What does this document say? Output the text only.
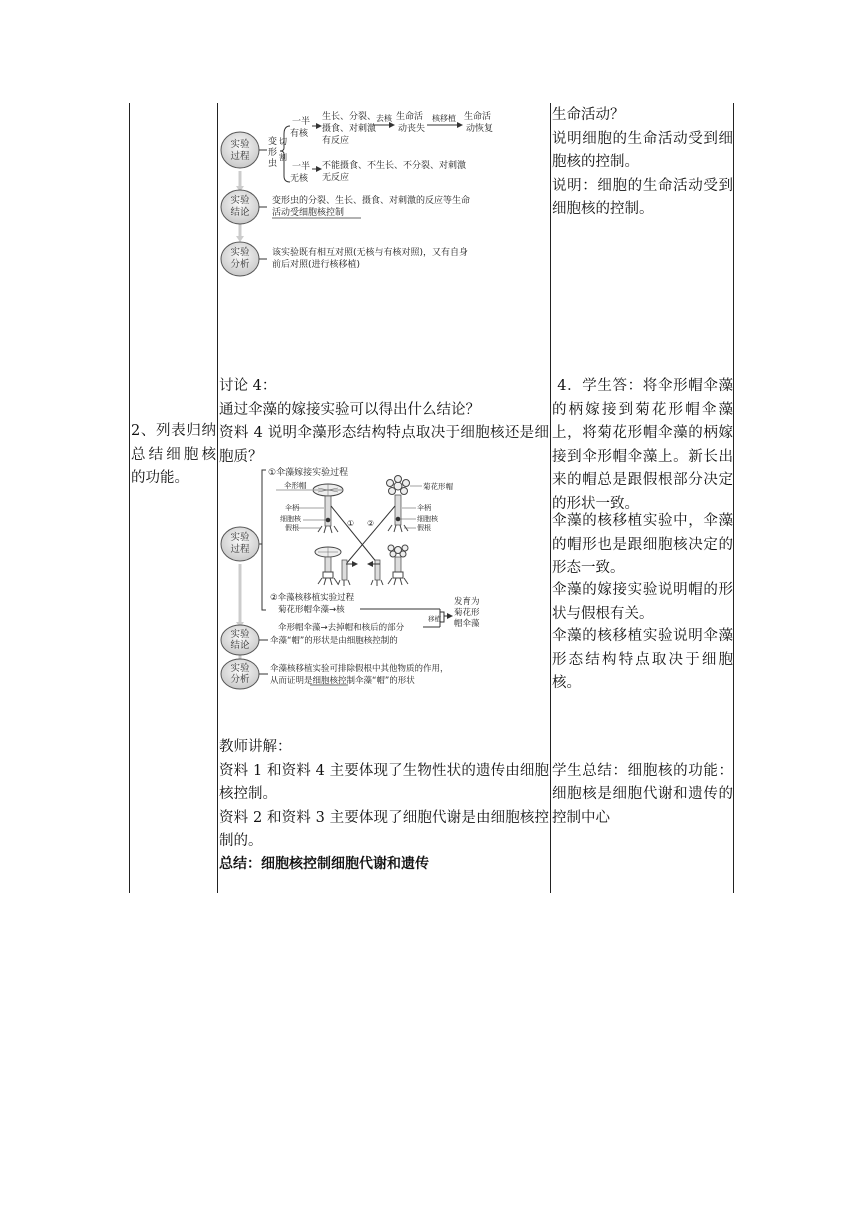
2、列表归纳总结细胞核的功能。
实验
过程
实验
结论
实验
分析
变
形
虫
切
割
一半
有核
生长、分裂、
摄食、对刺激
有反应
去核 生命活
动丧失
核移植 生命活
动恢复
一半
无核
不能摄食、不生长、不分裂、对刺激
无反应
变形虫的分裂、生长、摄食、对刺激的反应等生命
活动受细胞核控制
该实验既有相互对照(无核与有核对照)，又有自身
前后对照(进行核移植)
讨论 4：
通过伞藻的嫁接实验可以得出什么结论？
资料 4 说明伞藻形态结构特点取决于细胞核还是细胞质？
实验
过程
①伞藻嫁接实验过程
伞形帽
伞柄
细胞核
假根
菊花形帽
伞柄
细胞核
假根
① ②
②伞藻核移植实验过程
菊花形帽伞藻→核
伞形帽伞藻→去掉帽和核后的部分
移植
发育为
菊花形
帽伞藻
实验
结论 伞藻“帽”的形状是由细胞核控制的
实验
分析
伞藻核移植实验可排除假根中其他物质的作用，
从而证明是细胞核控制伞藻“帽”的形状
教师讲解：
资料 1 和资料 4 主要体现了生物性状的遗传由细胞核控制。
资料 2 和资料 3 主要体现了细胞代谢是由细胞核控制的。
总结：细胞核控制细胞代谢和遗传
生命活动？
说明细胞的生命活动受到细胞核的控制。
说明：细胞的生命活动受到细胞核的控制。
4．学生答：将伞形帽伞藻的柄嫁接到菊花形帽伞藻上，将菊花形帽伞藻的柄嫁接到伞形帽伞藻上。新长出来的帽总是跟假根部分决定的形状一致。
伞藻的核移植实验中，伞藻的帽形也是跟细胞核决定的形态一致。
伞藻的嫁接实验说明帽的形状与假根有关。
伞藻的核移植实验说明伞藻形态结构特点取决于细胞核。
学生总结：细胞核的功能：细胞核是细胞代谢和遗传的控制中心
